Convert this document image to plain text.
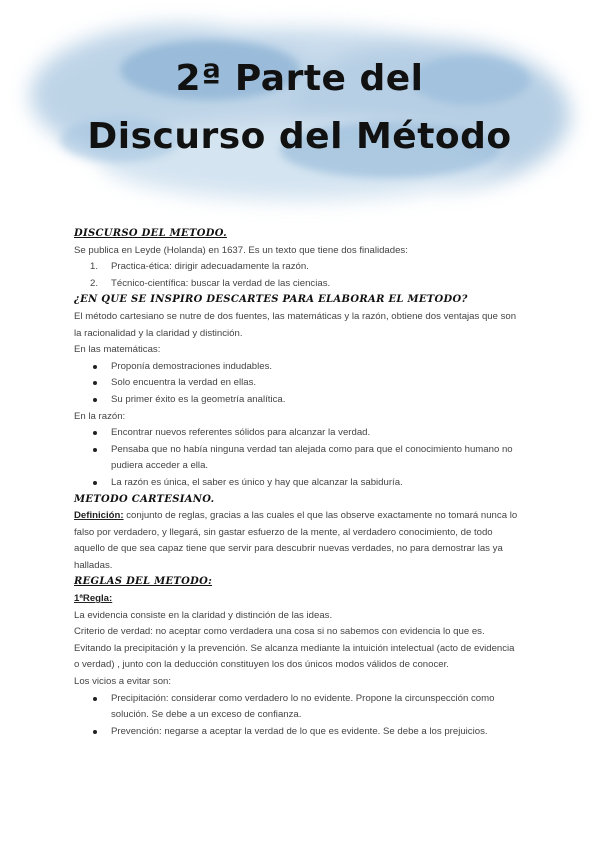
2ª Parte del
Discurso del Método

DISCURSO DEL METODO.

Se publica en Leyde (Holanda) en 1637. Es un texto que tiene dos finalidades:

1. Practica-ética: dirigir adecuadamente la razón.
2. Técnico-científica: buscar la verdad de las ciencias.

¿EN QUE SE INSPIRO DESCARTES PARA ELABORAR EL METODO?

El método cartesiano se nutre de dos fuentes, las matemáticas y la razón, obtiene dos ventajas que son la racionalidad y la claridad y distinción.

En las matemáticas:

Proponía demostraciones indudables.
Solo encuentra la verdad en ellas.
Su primer éxito es la geometría analítica.

En la razón:

Encontrar nuevos referentes sólidos para alcanzar la verdad.
Pensaba que no había ninguna verdad tan alejada como para que el conocimiento humano no pudiera acceder a ella.
La razón es única, el saber es único y hay que alcanzar la sabiduría.

METODO CARTESIANO.

Definición: conjunto de reglas, gracias a las cuales el que las observe exactamente no tomará nunca lo falso por verdadero, y llegará, sin gastar esfuerzo de la mente, al verdadero conocimiento, de todo aquello de que sea capaz tiene que servir para descubrir nuevas verdades, no para demostrar las ya halladas.

REGLAS DEL METODO:

1ªRegla:

La evidencia consiste en la claridad y distinción de las ideas.

Criterio de verdad: no aceptar como verdadera una cosa si no sabemos con evidencia lo que es. Evitando la precipitación y la prevención. Se alcanza mediante la intuición intelectual (acto de evidencia o verdad) , junto con la deducción constituyen los dos únicos modos válidos de conocer.

Los vicios a evitar son:

Precipitación: considerar como verdadero lo no evidente. Propone la circunspección como solución. Se debe a un exceso de confianza.
Prevención: negarse a aceptar la verdad de lo que es evidente. Se debe a los prejuicios.
